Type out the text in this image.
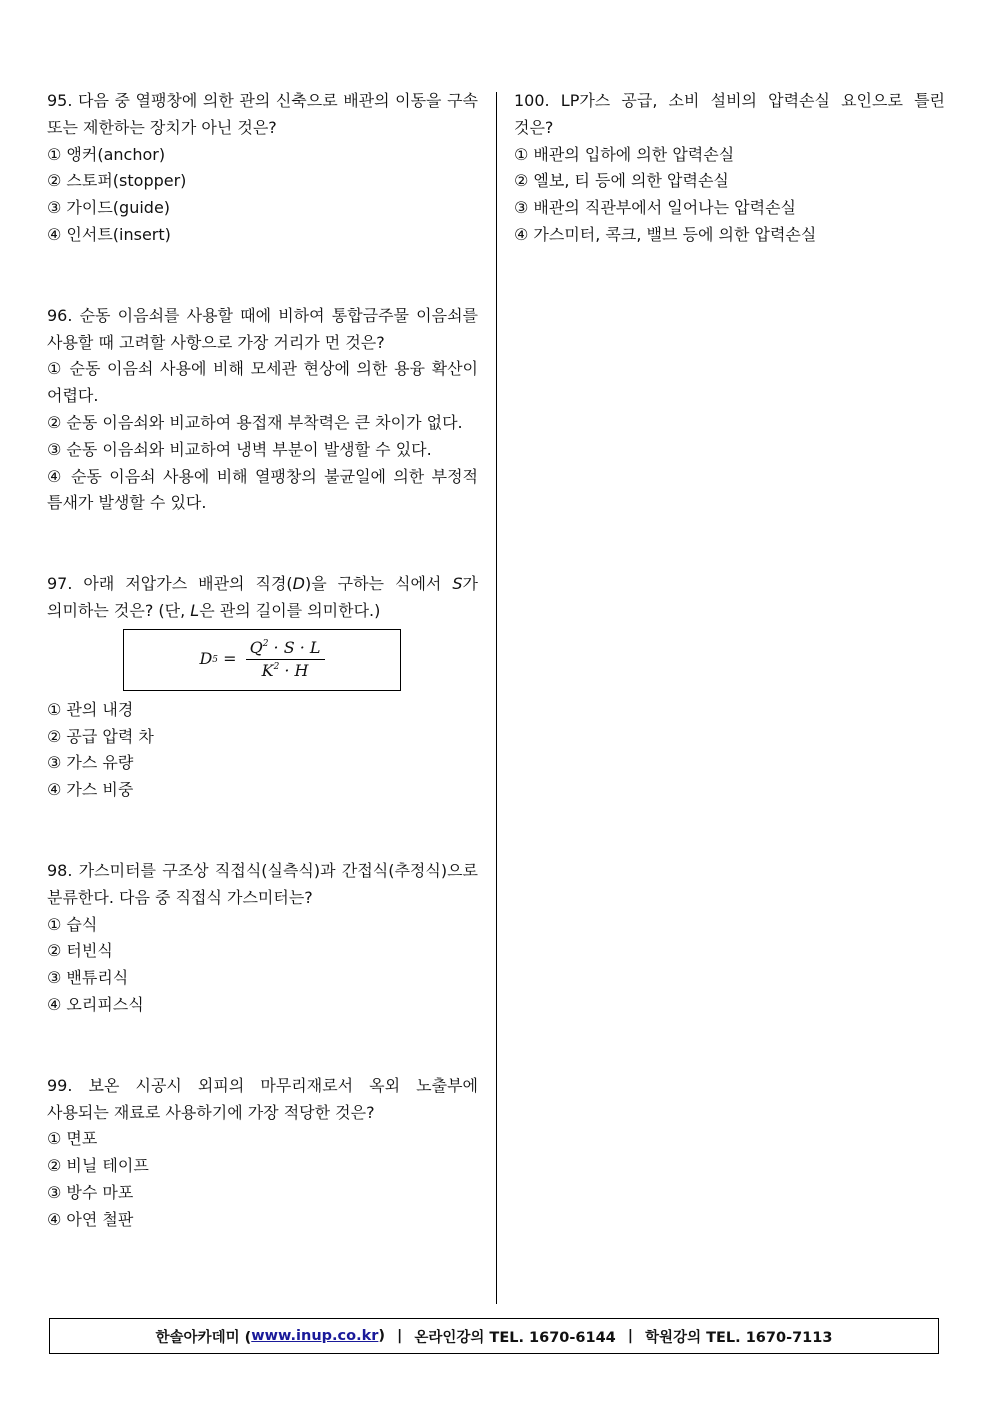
95. 다음 중 열팽창에 의한 관의 신축으로 배관의 이동을 구속 또는 제한하는 장치가 아닌 것은?
① 앵커(anchor)
② 스토퍼(stopper)
③ 가이드(guide)
④ 인서트(insert)
96. 순동 이음쇠를 사용할 때에 비하여 통합금주물 이음쇠를 사용할 때 고려할 사항으로 가장 거리가 먼 것은?
① 순동 이음쇠 사용에 비해 모세관 현상에 의한 용융 확산이 어렵다.
② 순동 이음쇠와 비교하여 용접재 부착력은 큰 차이가 없다.
③ 순동 이음쇠와 비교하여 냉벽 부분이 발생할 수 있다.
④ 순동 이음쇠 사용에 비해 열팽창의 불균일에 의한 부정적 틈새가 발생할 수 있다.
97. 아래 저압가스 배관의 직경(D)을 구하는 식에서 S가 의미하는 것은? (단, L은 관의 길이를 의미한다.)
D $5 = \frac{Q^2 \cdot S \cdot L}{K^2 \cdot H}$
① 관의 내경
② 공급 압력 차
③ 가스 유량
④ 가스 비중
98. 가스미터를 구조상 직접식(실측식)과 간접식(추정식)으로 분류한다. 다음 중 직접식 가스미터는?
① 습식
② 터빈식
③ 밴튜리식
④ 오리피스식
99. 보온 시공시 외피의 마무리재로서 옥외 노출부에 사용되는 재료로 사용하기에 가장 적당한 것은?
① 면포
② 비닐 테이프
③ 방수 마포
④ 아연 철판
100. LP가스 공급, 소비 설비의 압력손실 요인으로 틀린 것은?
① 배관의 입하에 의한 압력손실
② 엘보, 티 등에 의한 압력손실
③ 배관의 직관부에서 일어나는 압력손실
④ 가스미터, 콕크, 밸브 등에 의한 압력손실
한솔아카데미 ( www.inup.co.kr ) | 온라인강의 TEL. 1670-6144 | 학원강의 TEL. 1670-7113
